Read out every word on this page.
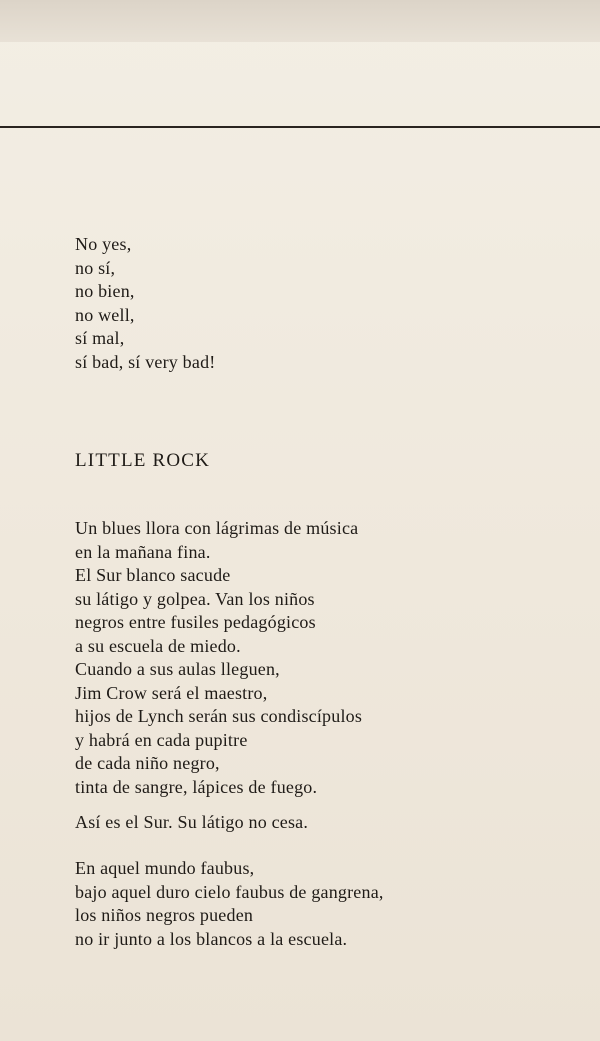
No yes,
no sí,
no bien,
no well,
sí mal,
sí bad, sí very bad!
LITTLE ROCK
Un blues llora con lágrimas de música
en la mañana fina.
El Sur blanco sacude
su látigo y golpea. Van los niños
negros entre fusiles pedagógicos
a su escuela de miedo.
Cuando a sus aulas lleguen,
Jim Crow será el maestro,
hijos de Lynch serán sus condiscípulos
y habrá en cada pupitre
de cada niño negro,
tinta de sangre, lápices de fuego.
Así es el Sur. Su látigo no cesa.
En aquel mundo faubus,
bajo aquel duro cielo faubus de gangrena,
los niños negros pueden
no ir junto a los blancos a la escuela.
